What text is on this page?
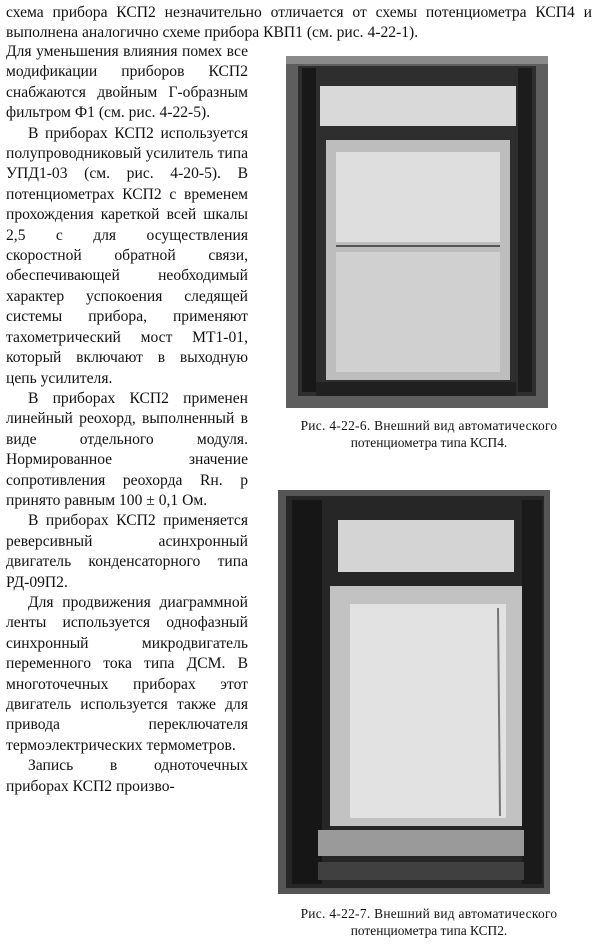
схема прибора КСП2 незначительно отличается от схемы потенциометра КСП4 и выполнена аналогично схеме прибора КВП1 (см. рис. 4-22-1).

Для уменьшения влияния помех все модификации приборов КСП2 снабжаются двойным Г-образным фильтром Ф1 (см. рис. 4-22-5).

В приборах КСП2 используется полупроводниковый усилитель типа УПД1-03 (см. рис. 4-20-5). В потенциометрах КСП2 с временем прохождения кареткой всей шкалы 2,5 с для осуществления скоростной обратной связи, обеспечивающей необходимый характер успокоения следящей системы прибора, применяют тахометрический мост МТ1-01, который включают в выходную цепь усилителя.

В приборах КСП2 применен линейный реохорд, выполненный в виде отдельного модуля. Нормированное значение сопротивления реохорда Rн. р принято равным 100 ± 0,1 Ом.

В приборах КСП2 применяется реверсивный асинхронный двигатель конденсаторного типа РД-09П2.

Для продвижения диаграммной ленты используется однофазный синхронный микродвигатель переменного тока типа ДСМ. В многоточечных приборах этот двигатель используется также для привода переключателя термоэлектрических термометров.

Запись в одноточечных приборах КСП2 произво-

Рис. 4-22-6. Внешний вид автоматического
потенциометра типа КСП4.
Рис. 4-22-7. Внешний вид автоматического
потенциометра типа КСП2.
